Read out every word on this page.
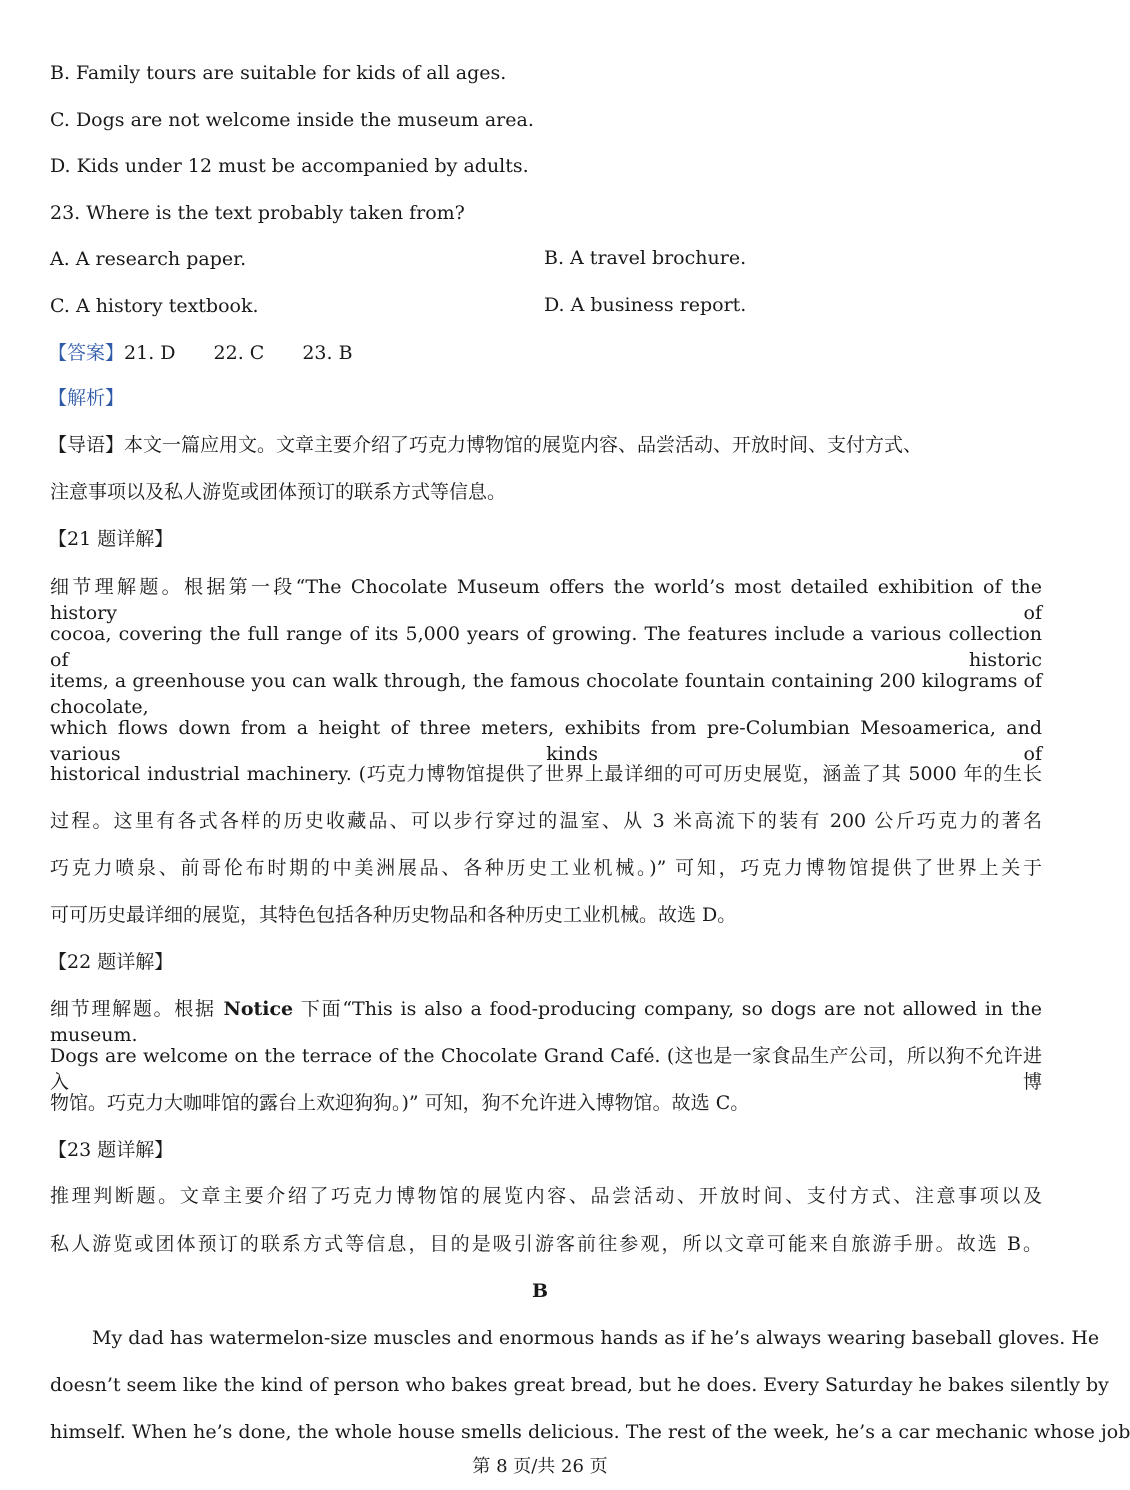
B. Family tours are suitable for kids of all ages.
C. Dogs are not welcome inside the museum area.
D. Kids under 12 must be accompanied by adults.
23. Where is the text probably taken from?
A. A research paper.	B. A travel brochure.
C. A history textbook.	D. A business report.
【答案】21. D 22. C 23. B
【解析】
【导语】本文一篇应用文。文章主要介绍了巧克力博物馆的展览内容、品尝活动、开放时间、支付方式、
注意事项以及私人游览或团体预订的联系方式等信息。
【21 题详解】
细节理解题。根据第一段“The Chocolate Museum offers the world’s most detailed exhibition of the history of
cocoa, covering the full range of its 5,000 years of growing. The features include a various collection of historic
items, a greenhouse you can walk through, the famous chocolate fountain containing 200 kilograms of chocolate,
which flows down from a height of three meters, exhibits from pre-Columbian Mesoamerica, and various kinds of
historical industrial machinery. (巧克力博物馆提供了世界上最详细的可可历史展览，涵盖了其 5000 年的生长
过程。这里有各式各样的历史收藏品、可以步行穿过的温室、从 3 米高流下的装有 200 公斤巧克力的著名
巧克力喷泉、前哥伦布时期的中美洲展品、各种历史工业机械。)” 可知，巧克力博物馆提供了世界上关于
可可历史最详细的展览，其特色包括各种历史物品和各种历史工业机械。故选 D。
【22 题详解】
细节理解题。根据 Notice 下面“This is also a food-producing company, so dogs are not allowed in the museum.
Dogs are welcome on the terrace of the Chocolate Grand Café. (这也是一家食品生产公司，所以狗不允许进入博
物馆。巧克力大咖啡馆的露台上欢迎狗狗。)” 可知，狗不允许进入博物馆。故选 C。
【23 题详解】
推理判断题。文章主要介绍了巧克力博物馆的展览内容、品尝活动、开放时间、支付方式、注意事项以及
私人游览或团体预订的联系方式等信息，目的是吸引游客前往参观，所以文章可能来自旅游手册。故选 B。
B
My dad has watermelon-size muscles and enormous hands as if he’s always wearing baseball gloves. He
doesn’t seem like the kind of person who bakes great bread, but he does. Every Saturday he bakes silently by
himself. When he’s done, the whole house smells delicious. The rest of the week, he’s a car mechanic whose job
第 8 页/共 26 页
